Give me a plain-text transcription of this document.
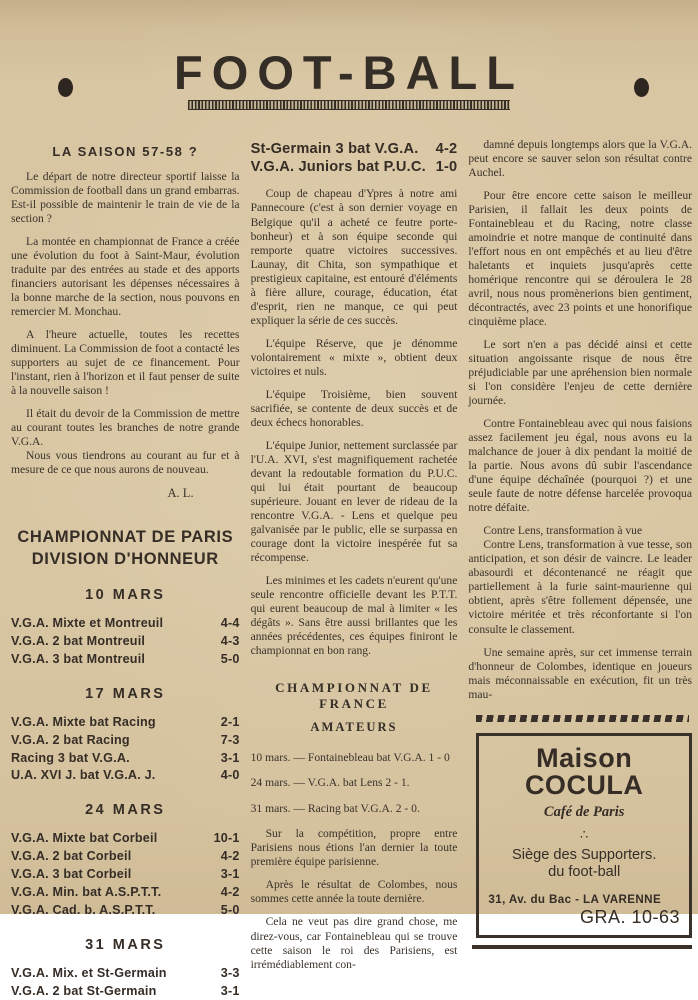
FOOT-BALL
LA SAISON 57-58 ?

Le départ de notre directeur sportif laisse la Commission de football dans un grand embarras. Est-il possible de maintenir le train de vie de la section ?

La montée en championnat de France a créée une évolution du foot à Saint-Maur, évolution traduite par des entrées au stade et des apports financiers autorisant les dépenses nécessaires à la bonne marche de la section, nous pouvons en remercier M. Monchau.

A l'heure actuelle, toutes les recettes diminuent. La Commission de foot a contacté les supporters au sujet de ce financement. Pour l'instant, rien à l'horizon et il faut penser de suite à la nouvelle saison !

Il était du devoir de la Commission de mettre au courant toutes les branches de notre grande V.G.A.

Nous vous tiendrons au courant au fur et à mesure de ce que nous aurons de nouveau.

A. L.
CHAMPIONNAT DE PARIS
DIVISION D'HONNEUR
10 MARS
V.G.A. Mixte et Montreuil	4-4
V.G.A. 2 bat Montreuil	4-3
V.G.A. 3 bat Montreuil	5-0
17 MARS
V.G.A. Mixte bat Racing	2-1
V.G.A. 2 bat Racing	7-3
Racing 3 bat V.G.A.	3-1
U.A. XVI J. bat V.G.A. J.	4-0
24 MARS
V.G.A. Mixte bat Corbeil	10-1
V.G.A. 2 bat Corbeil	4-2
V.G.A. 3 bat Corbeil	3-1
V.G.A. Min. bat A.S.P.T.T.	4-2
V.G.A. Cad. b. A.S.P.T.T.	5-0
31 MARS
V.G.A. Mix. et St-Germain	3-3
V.G.A. 2 bat St-Germain	3-1
St-Germain 3 bat V.G.A. 4-2
V.G.A. Juniors bat P.U.C. 1-0

Coup de chapeau d'Ypres à notre ami Pannecoure (c'est à son dernier voyage en Belgique qu'il a acheté ce feutre porte-bonheur) et à son équipe seconde qui remporte quatre victoires successives. Launay, dit Chita, son sympathique et prestigieux capitaine, est entouré d'éléments à fière allure, courage, éducation, état d'esprit, rien ne manque, ce qui peut expliquer la série de ces succès.

L'équipe Réserve, que je dénomme volontairement « mixte », obtient deux victoires et nuls.

L'équipe Troisième, bien souvent sacrifiée, se contente de deux succès et de deux échecs honorables.

L'équipe Junior, nettement surclassée par l'U.A. XVI, s'est magnifiquement rachetée devant la redoutable formation du P.U.C. qui lui était pourtant de beaucoup supérieure. Jouant en lever de rideau de la rencontre V.G.A. - Lens et quelque peu galvanisée par le public, elle se surpassa en courage dont la victoire inespérée fut sa récompense.

Les minimes et les cadets n'eurent qu'une seule rencontre officielle devant les P.T.T. qui eurent beaucoup de mal à limiter « les dégâts ». Sans être aussi brillantes que les années précédentes, ces équipes finiront le championnat en bon rang.

CHAMPIONNAT DE FRANCE
AMATEURS

10 mars. — Fontainebleau bat V.G.A. 1 - 0

24 mars. — V.G.A. bat Lens 2 - 1.

31 mars. — Racing bat V.G.A. 2 - 0.

Sur la compétition, propre entre Parisiens nous étions l'an dernier la toute première équipe parisienne.

Après le résultat de Colombes, nous sommes cette année la toute dernière.

Cela ne veut pas dire grand chose, me direz-vous, car Fontainebleau qui se trouve cette saison le roi des Parisiens, est irrémédiablement con-

damné depuis longtemps alors que la V.G.A. peut encore se sauver selon son résultat contre Auchel.

Pour être encore cette saison le meilleur Parisien, il fallait les deux points de Fontainebleau et du Racing, notre classe amoindrie et notre manque de continuité dans l'effort nous en ont empêchés et au lieu d'être haletants et inquiets jusqu'après cette homérique rencontre qui se déroulera le 28 avril, nous nous promènerions bien gentiment, décontractés, avec 23 points et une honorifique cinquième place.

Le sort n'en a pas décidé ainsi et cette situation angoissante risque de nous être préjudiciable par une apréhension bien normale si l'on considère l'enjeu de cette dernière journée.

Contre Fontainebleau avec qui nous faisions assez facilement jeu égal, nous avons eu la malchance de jouer à dix pendant la moitié de la partie. Nous avons dû subir l'ascendance d'une équipe déchaînée (pourquoi ?) et une seule faute de notre défense harcelée provoqua notre défaite.

Contre Lens, transformation à vue

Contre Lens, transformation à vue tesse, son anticipation, et son désir de vaincre. Le leader abasourdi et décontenancé ne réagit que partiellement à la furie saint-maurienne qui obtient, après s'être follement dépensée, une victoire méritée et très réconfortante si l'on consulte le classement.

Une semaine après, sur cet immense terrain d'honneur de Colombes, identique en joueurs mais méconnaissable en exécution, fit un très mau-

Maison COCULA
Café de Paris
∴
Siège des Supporters.
du foot-ball
31, Av. du Bac - LA VARENNE
GRA. 10-63
